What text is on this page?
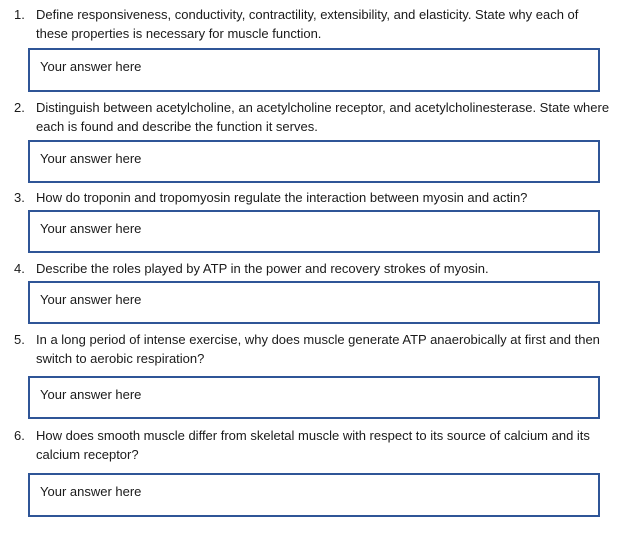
1. Define responsiveness, conductivity, contractility, extensibility, and elasticity. State why each of these properties is necessary for muscle function.
Your answer here
2. Distinguish between acetylcholine, an acetylcholine receptor, and acetylcholinesterase. State where each is found and describe the function it serves.
Your answer here
3. How do troponin and tropomyosin regulate the interaction between myosin and actin?
Your answer here
4. Describe the roles played by ATP in the power and recovery strokes of myosin.
Your answer here
5. In a long period of intense exercise, why does muscle generate ATP anaerobically at first and then switch to aerobic respiration?
Your answer here
6. How does smooth muscle differ from skeletal muscle with respect to its source of calcium and its calcium receptor?
Your answer here
